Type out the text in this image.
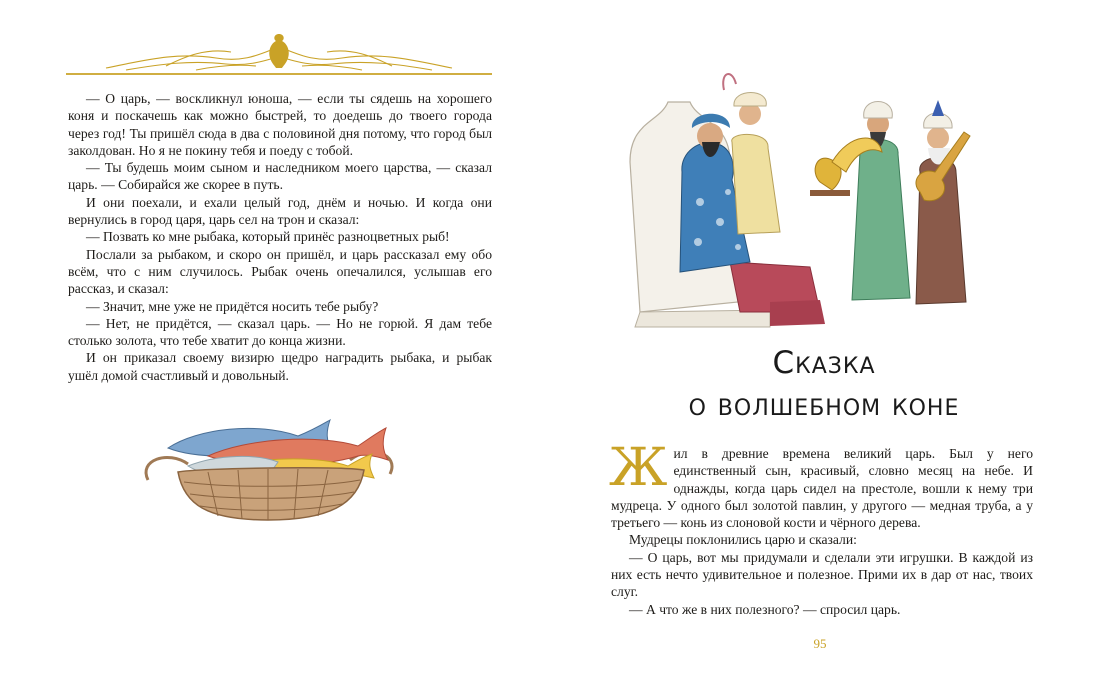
— О царь, — воскликнул юноша, — если ты сядешь на хорошего коня и поскачешь как можно быстрей, то доедешь до твоего города через год! Ты пришёл сюда в два с половиной дня потому, что город был заколдован. Но я не покину тебя и поеду с тобой.

— Ты будешь моим сыном и наследником моего царства, — сказал царь. — Собирайся же скорее в путь.

И они поехали, и ехали целый год, днём и ночью. И когда они вернулись в город царя, царь сел на трон и сказал:

— Позвать ко мне рыбака, который принёс разноцветных рыб!

Послали за рыбаком, и скоро он пришёл, и царь рассказал ему обо всём, что с ним случилось. Рыбак очень опечалился, услышав его рассказ, и сказал:

— Значит, мне уже не придётся носить тебе рыбу?

— Нет, не придётся, — сказал царь. — Но не горюй. Я дам тебе столько золота, что тебе хватит до конца жизни.

И он приказал своему визирю щедро наградить рыбака, и рыбак ушёл домой счастливый и довольный.	Сказка
о волшебном коне

Жил в древние времена великий царь. Был у него единственный сын, красивый, словно месяц на небе. И однажды, когда царь сидел на престоле, вошли к нему три мудреца. У одного был золотой павлин, у другого — медная труба, а у третьего — конь из слоновой кости и чёрного дерева.

Мудрецы поклонились царю и сказали:

— О царь, вот мы придумали и сделали эти игрушки. В каждой из них есть нечто удивительное и полезное. Прими их в дар от нас, твоих слуг.

— А что же в них полезного? — спросил царь.

95
